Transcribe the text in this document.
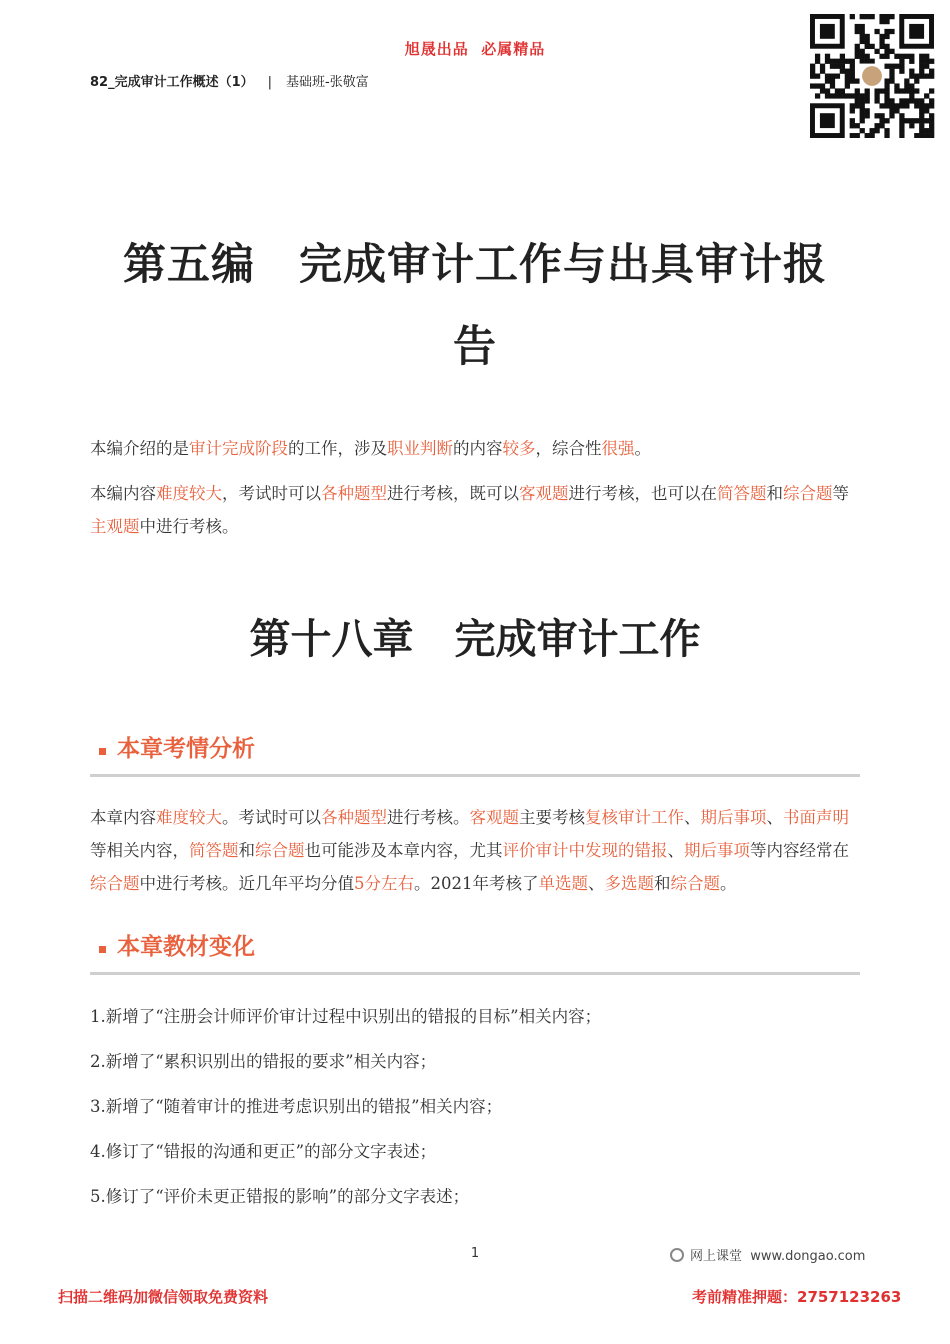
旭晟出品  必属精品
82_完成审计工作概述（1） | 基础班-张敬富
第五编　完成审计工作与出具审计报
告
本编介绍的是审计完成阶段的工作，涉及职业判断的内容较多，综合性很强。
本编内容难度较大，考试时可以各种题型进行考核，既可以客观题进行考核，也可以在简答题和综合题等主观题中进行考核。
第十八章　完成审计工作
本章考情分析
本章内容难度较大。考试时可以各种题型进行考核。客观题主要考核复核审计工作、期后事项、书面声明等相关内容，简答题和综合题也可能涉及本章内容，尤其评价审计中发现的错报、期后事项等内容经常在综合题中进行考核。近几年平均分值5分左右。2021年考核了单选题、多选题和综合题。
本章教材变化
1.新增了“注册会计师评价审计过程中识别出的错报的目标”相关内容；
2.新增了“累积识别出的错报的要求”相关内容；
3.新增了“随着审计的推进考虑识别出的错报”相关内容；
4.修订了“错报的沟通和更正”的部分文字表述；
5.修订了“评价未更正错报的影响”的部分文字表述；
1	网上课堂  www.dongao.com
扫描二维码加微信领取免费资料	考前精准押题：2757123263
